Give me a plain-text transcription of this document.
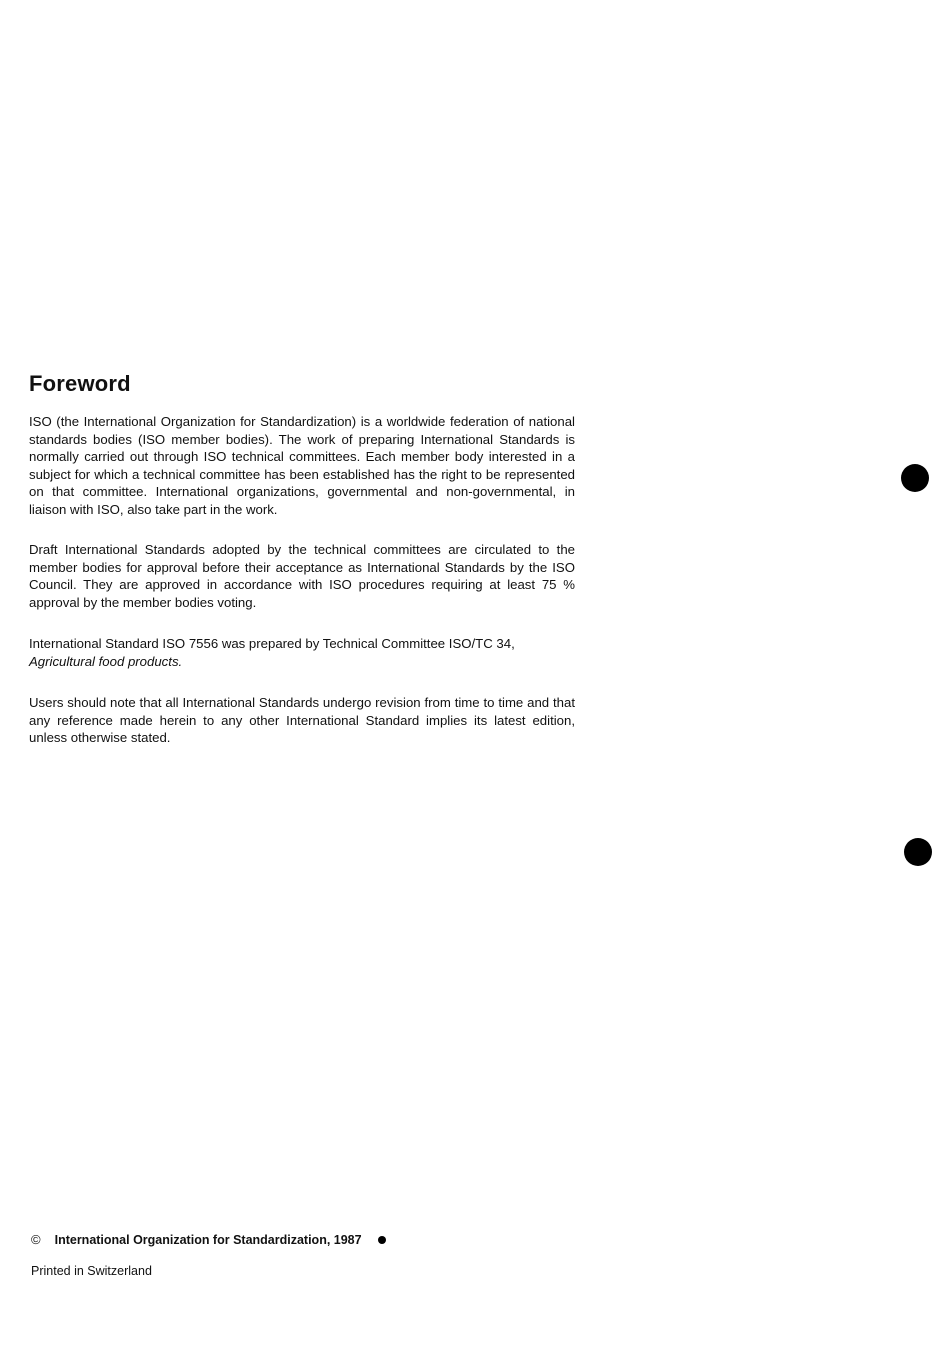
Foreword

ISO (the International Organization for Standardization) is a worldwide federation of national standards bodies (ISO member bodies). The work of preparing International Standards is normally carried out through ISO technical committees. Each member body interested in a subject for which a technical committee has been established has the right to be represented on that committee. International organizations, governmental and non-governmental, in liaison with ISO, also take part in the work.

Draft International Standards adopted by the technical committees are circulated to the member bodies for approval before their acceptance as International Standards by the ISO Council. They are approved in accordance with ISO procedures requiring at least 75 % approval by the member bodies voting.

International Standard ISO 7556 was prepared by Technical Committee ISO/TC 34,
Agricultural food products.

Users should note that all International Standards undergo revision from time to time and that any reference made herein to any other International Standard implies its latest edition, unless otherwise stated.

© International Organization for Standardization, 1987
Printed in Switzerland
